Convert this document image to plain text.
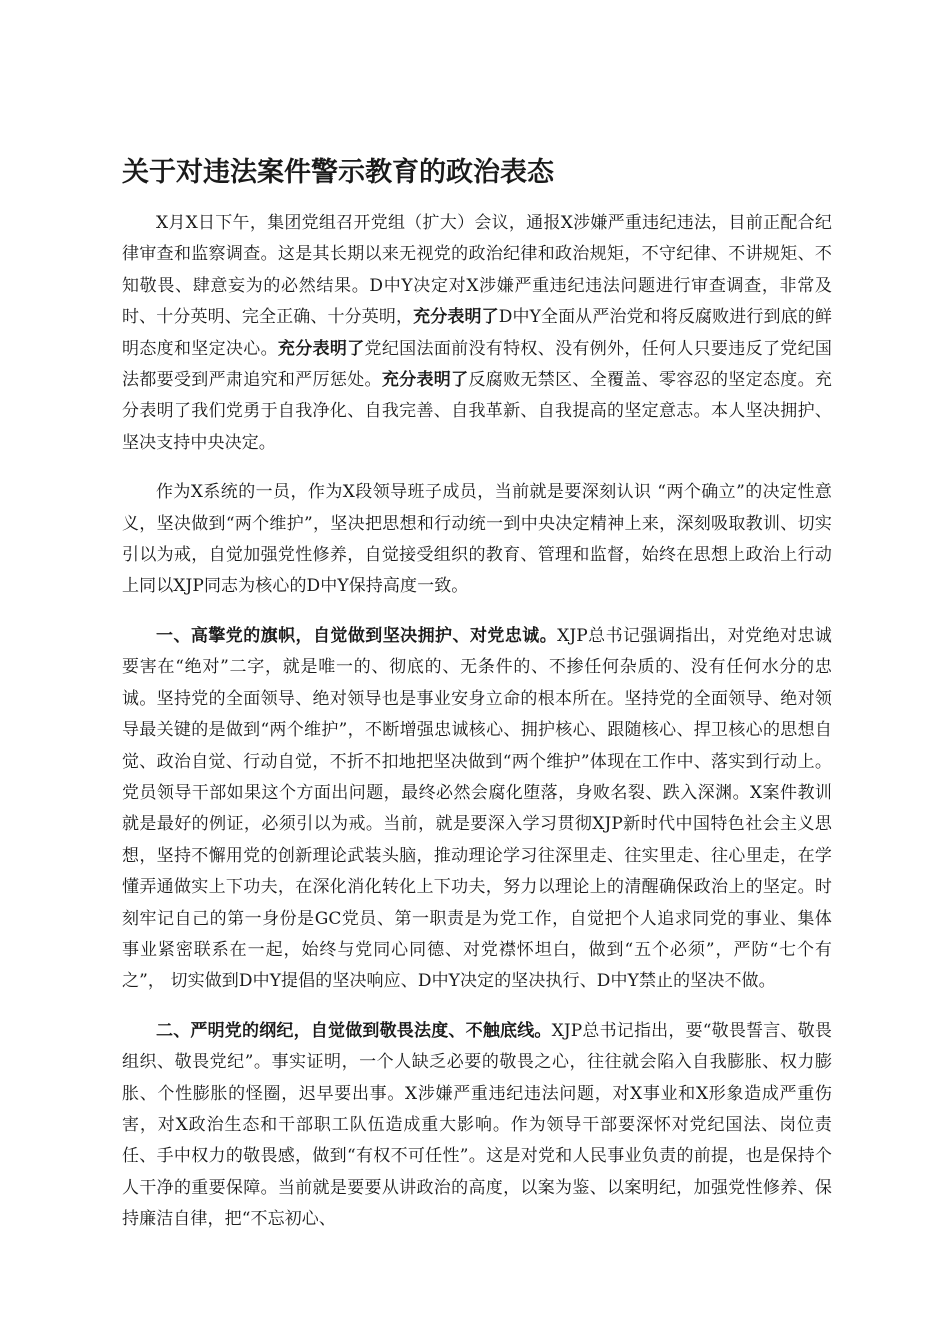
关于对违法案件警示教育的政治表态

X月X日下午，集团党组召开党组（扩大）会议，通报X涉嫌严重违纪违法，目前正配合纪律审查和监察调查。这是其长期以来无视党的政治纪律和政治规矩，不守纪律、不讲规矩、不知敬畏、肆意妄为的必然结果。D中Y决定对X涉嫌严重违纪违法问题进行审查调查，非常及时、十分英明、完全正确、十分英明，充分表明了D中Y全面从严治党和将反腐败进行到底的鲜明态度和坚定决心。充分表明了党纪国法面前没有特权、没有例外，任何人只要违反了党纪国法都要受到严肃追究和严厉惩处。充分表明了反腐败无禁区、全覆盖、零容忍的坚定态度。充分表明了我们党勇于自我净化、自我完善、自我革新、自我提高的坚定意志。本人坚决拥护、坚决支持中央决定。

作为X系统的一员，作为X段领导班子成员，当前就是要深刻认识 “两个确立”的决定性意义，坚决做到“两个维护”，坚决把思想和行动统一到中央决定精神上来，深刻吸取教训、切实引以为戒，自觉加强党性修养，自觉接受组织的教育、管理和监督，始终在思想上政治上行动上同以XJP同志为核心的D中Y保持高度一致。

一、高擎党的旗帜，自觉做到坚决拥护、对党忠诚。XJP总书记强调指出，对党绝对忠诚要害在“绝对”二字，就是唯一的、彻底的、无条件的、不掺任何杂质的、没有任何水分的忠诚。坚持党的全面领导、绝对领导也是事业安身立命的根本所在。坚持党的全面领导、绝对领导最关键的是做到“两个维护”，不断增强忠诚核心、拥护核心、跟随核心、捍卫核心的思想自觉、政治自觉、行动自觉，不折不扣地把坚决做到“两个维护”体现在工作中、落实到行动上。党员领导干部如果这个方面出问题，最终必然会腐化堕落，身败名裂、跌入深渊。X案件教训就是最好的例证，必须引以为戒。当前，就是要深入学习贯彻XJP新时代中国特色社会主义思想，坚持不懈用党的创新理论武装头脑，推动理论学习往深里走、往实里走、往心里走，在学懂弄通做实上下功夫，在深化消化转化上下功夫，努力以理论上的清醒确保政治上的坚定。时刻牢记自己的第一身份是GC党员、第一职责是为党工作，自觉把个人追求同党的事业、集体事业紧密联系在一起，始终与党同心同德、对党襟怀坦白，做到“五个必须”，严防“七个有之”， 切实做到D中Y提倡的坚决响应、D中Y决定的坚决执行、D中Y禁止的坚决不做。

二、严明党的纲纪，自觉做到敬畏法度、不触底线。XJP总书记指出，要“敬畏誓言、敬畏组织、敬畏党纪”。事实证明，一个人缺乏必要的敬畏之心，往往就会陷入自我膨胀、权力膨胀、个性膨胀的怪圈，迟早要出事。X涉嫌严重违纪违法问题，对X事业和X形象造成严重伤害，对X政治生态和干部职工队伍造成重大影响。作为领导干部要深怀对党纪国法、岗位责任、手中权力的敬畏感，做到“有权不可任性”。这是对党和人民事业负责的前提，也是保持个人干净的重要保障。当前就是要要从讲政治的高度，以案为鉴、以案明纪，加强党性修养、保持廉洁自律，把“不忘初心、
